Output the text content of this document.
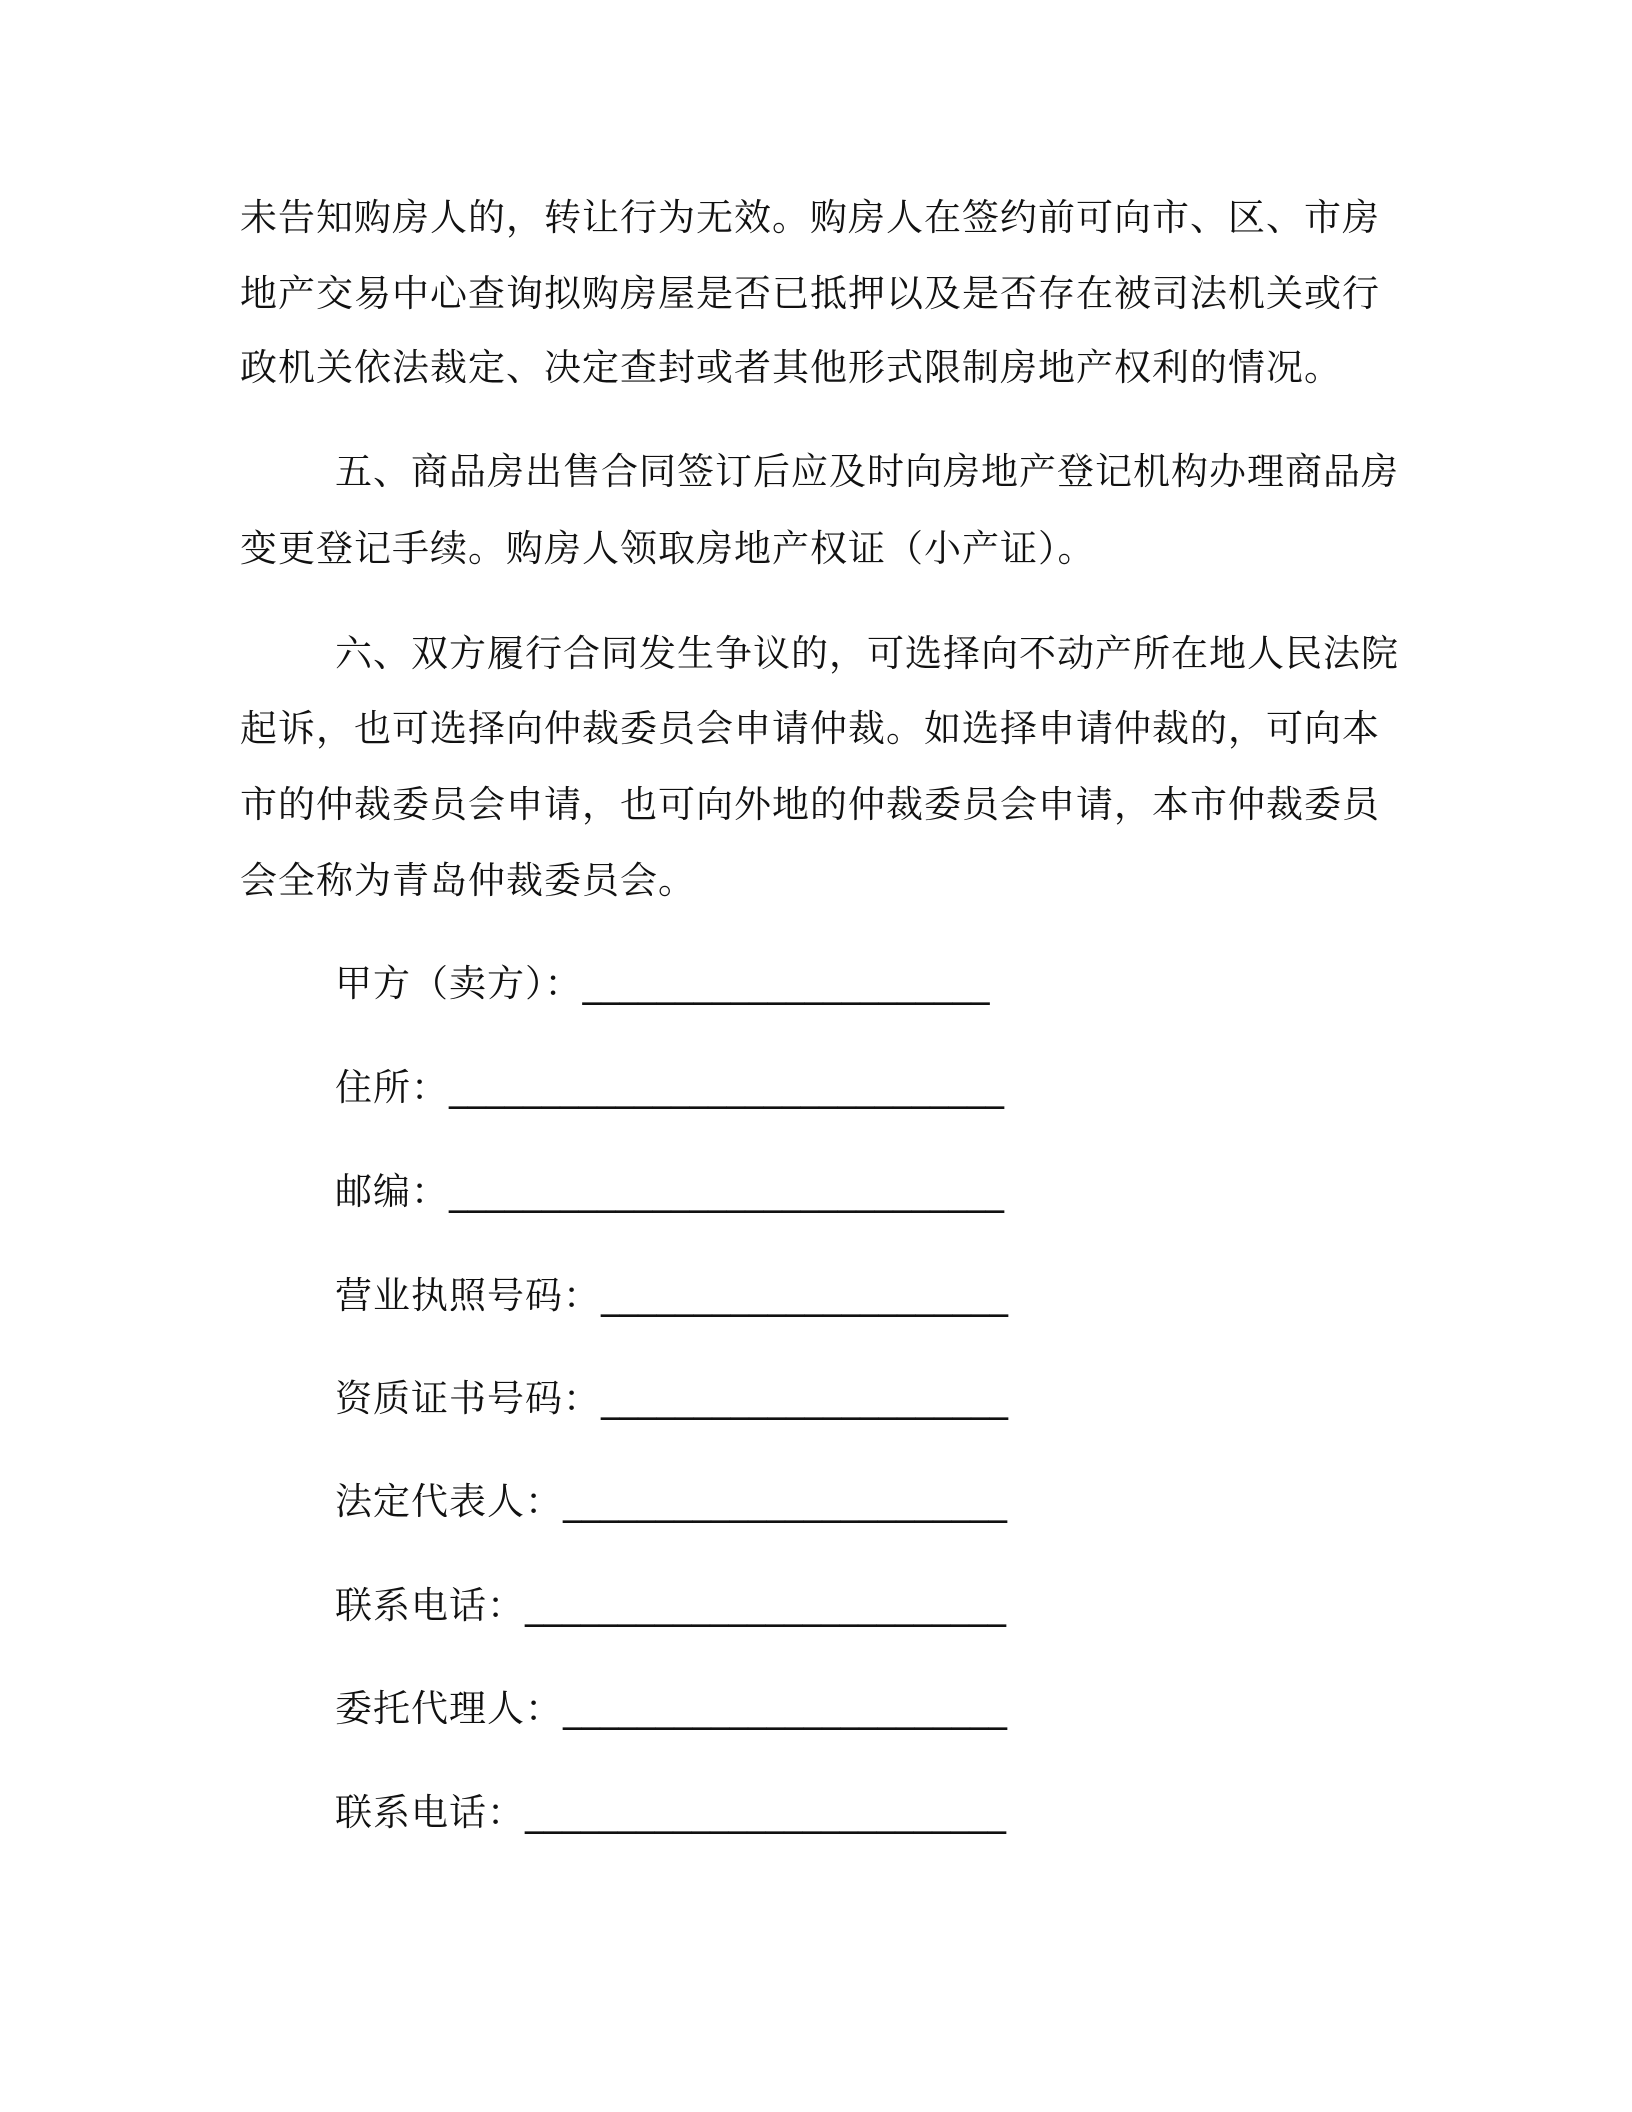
未告知购房人的，转让行为无效。购房人在签约前可向市、区、市房
地产交易中心查询拟购房屋是否已抵押以及是否存在被司法机关或行
政机关依法裁定、决定查封或者其他形式限制房地产权利的情况。
五、商品房出售合同签订后应及时向房地产登记机构办理商品房
变更登记手续。购房人领取房地产权证（小产证）。
六、双方履行合同发生争议的，可选择向不动产所在地人民法院
起诉，也可选择向仲裁委员会申请仲裁。如选择申请仲裁的，可向本
市的仲裁委员会申请，也可向外地的仲裁委员会申请，本市仲裁委员
会全称为青岛仲裁委员会。
甲方（卖方）：______________________
住所：______________________________
邮编：______________________________
营业执照号码：______________________
资质证书号码：______________________
法定代表人：________________________
联系电话：__________________________
委托代理人：________________________
联系电话：__________________________
